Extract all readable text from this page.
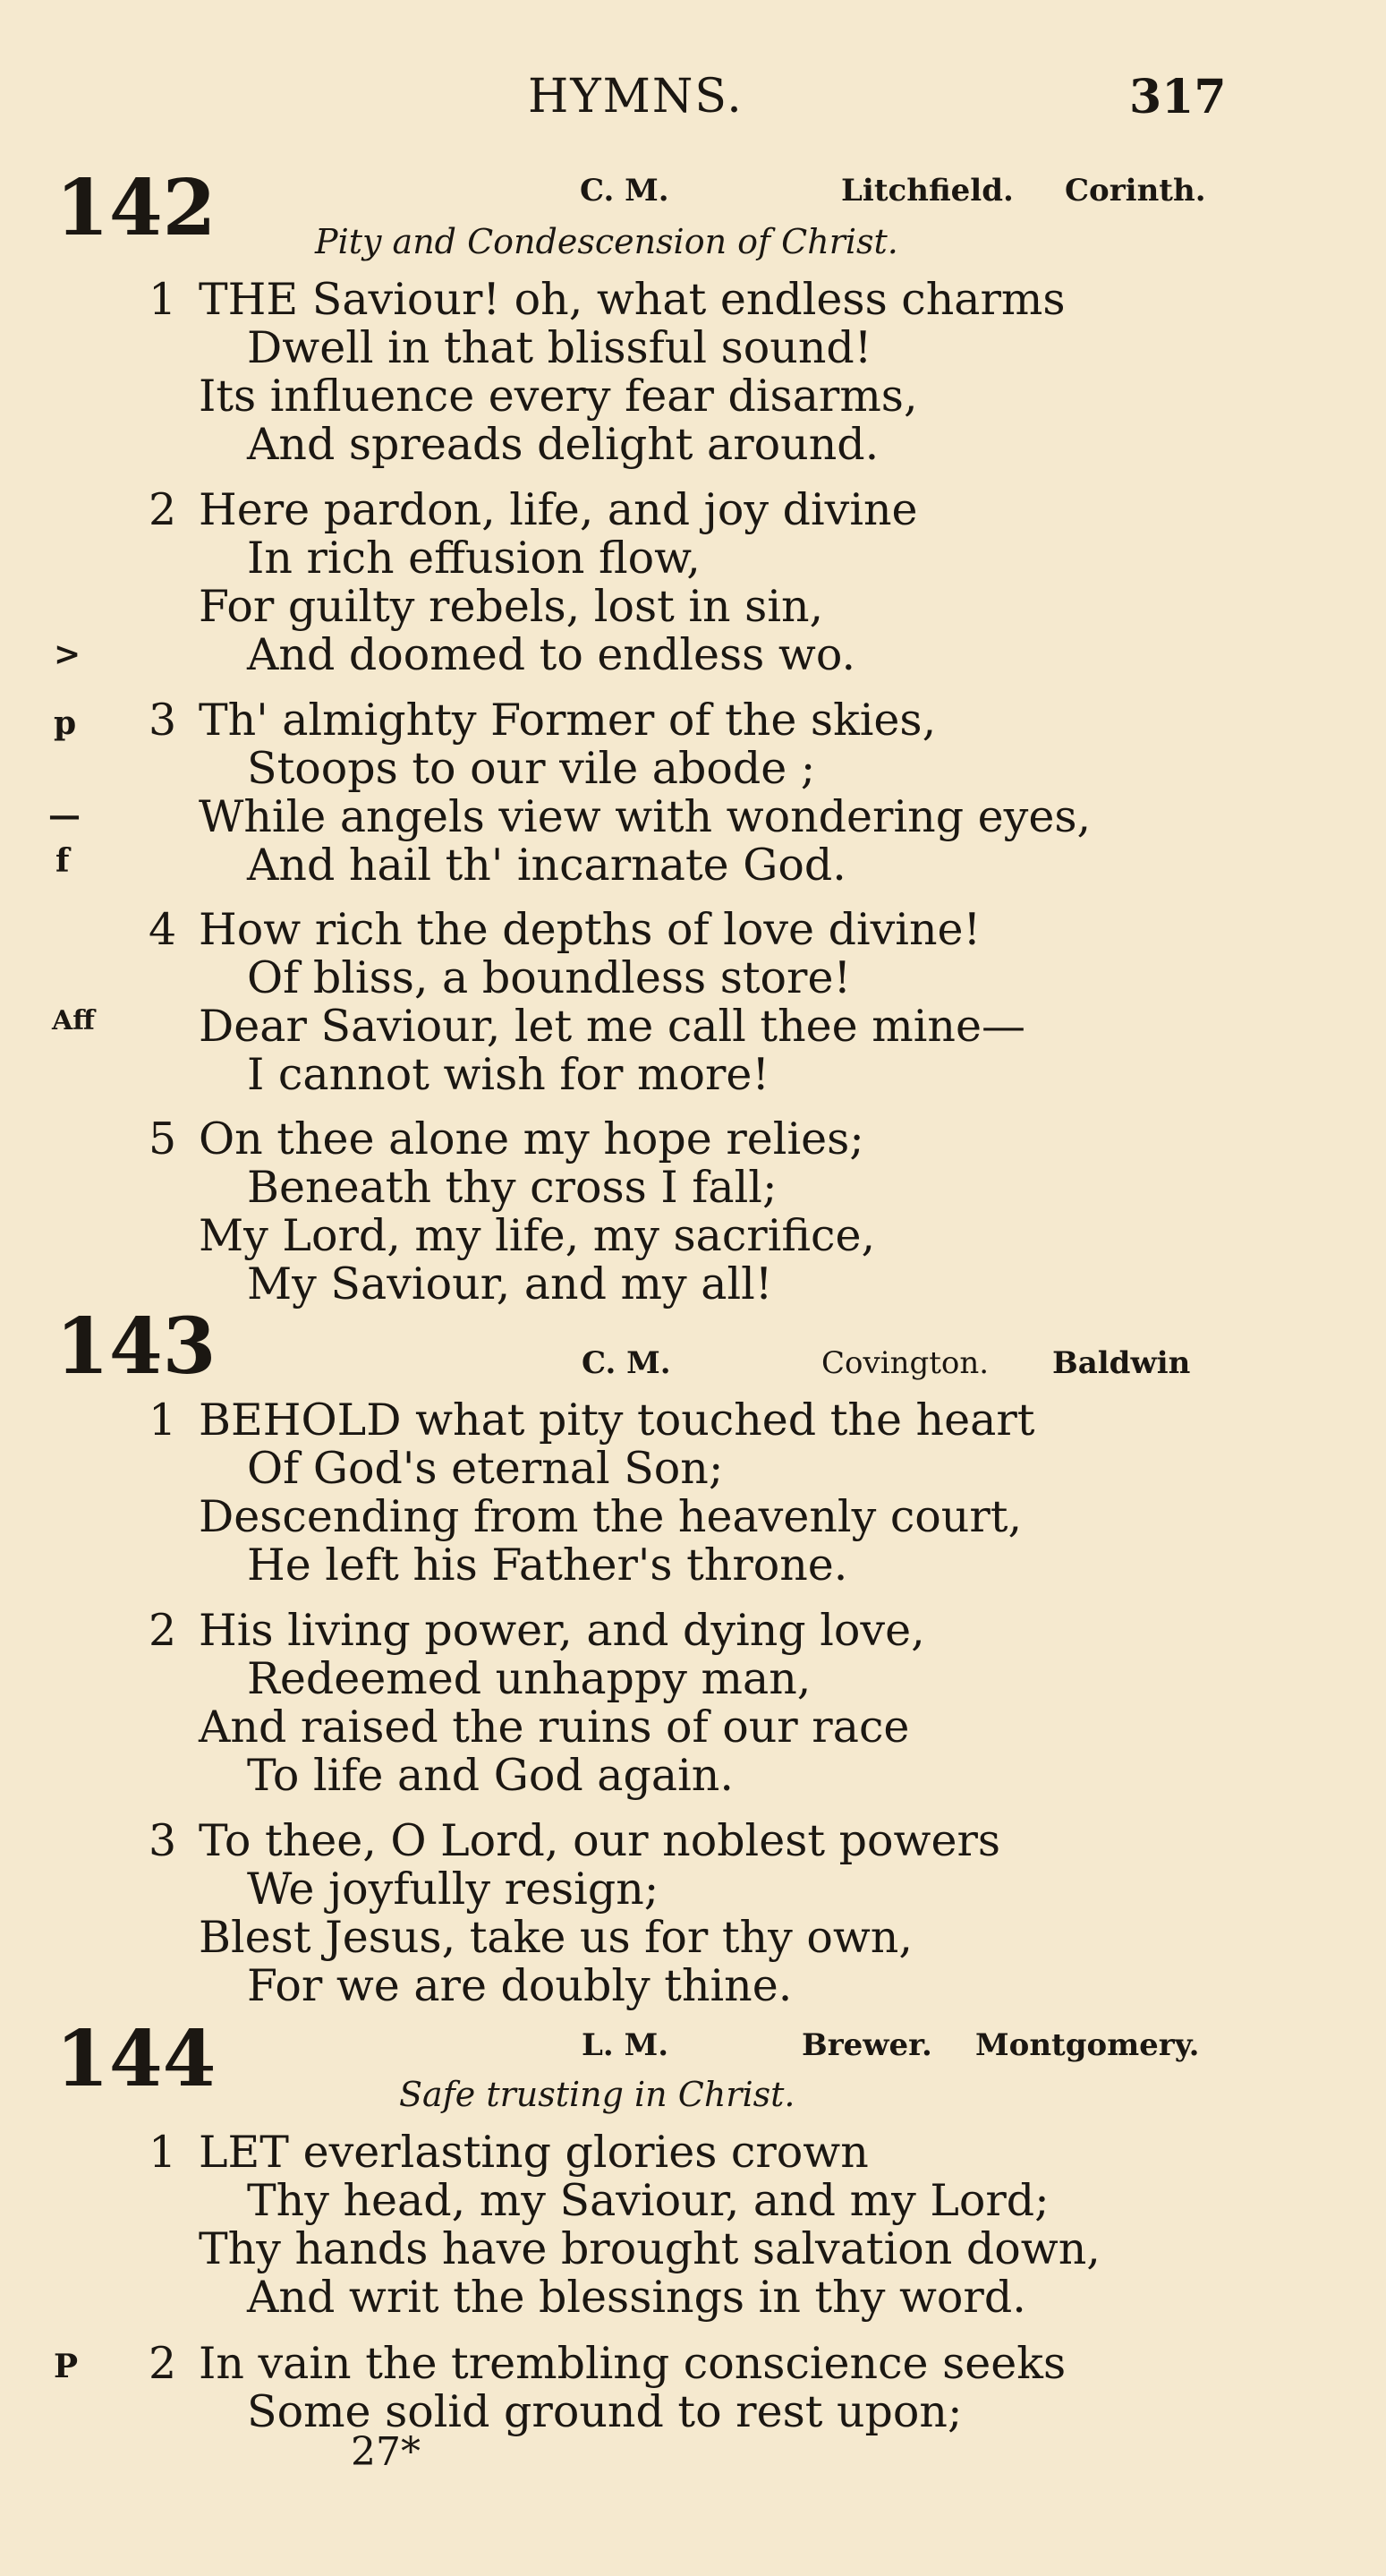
HYMNS.	317
142	C. M.	Litchfield. Corinth.
Pity and Condescension of Christ.
1 THE Saviour! oh, what endless charms
Dwell in that blissful sound!
Its influence every fear disarms,
And spreads delight around.
2 Here pardon, life, and joy divine
In rich effusion flow,
For guilty rebels, lost in sin,
>	And doomed to endless wo.
p 3 Th' almighty Former of the skies,
Stoops to our vile abode ;
—	While angels view with wondering eyes,
f	And hail th' incarnate God.
4 How rich the depths of love divine!
Of bliss, a boundless store!
Aff Dear Saviour, let me call thee mine—
I cannot wish for more!
5 On thee alone my hope relies;
Beneath thy cross I fall;
My Lord, my life, my sacrifice,
My Saviour, and my all!
143	C. M.	Covington. Baldwin
1 BEHOLD what pity touched the heart
Of God's eternal Son;
Descending from the heavenly court,
He left his Father's throne.
2 His living power, and dying love,
Redeemed unhappy man,
And raised the ruins of our race
To life and God again.
3 To thee, O Lord, our noblest powers
We joyfully resign;
Blest Jesus, take us for thy own,
For we are doubly thine.
144	L. M.	Brewer. Montgomery.
Safe trusting in Christ.
1 LET everlasting glories crown
Thy head, my Saviour, and my Lord;
Thy hands have brought salvation down,
And writ the blessings in thy word.
P 2 In vain the trembling conscience seeks
Some solid ground to rest upon;
27*
